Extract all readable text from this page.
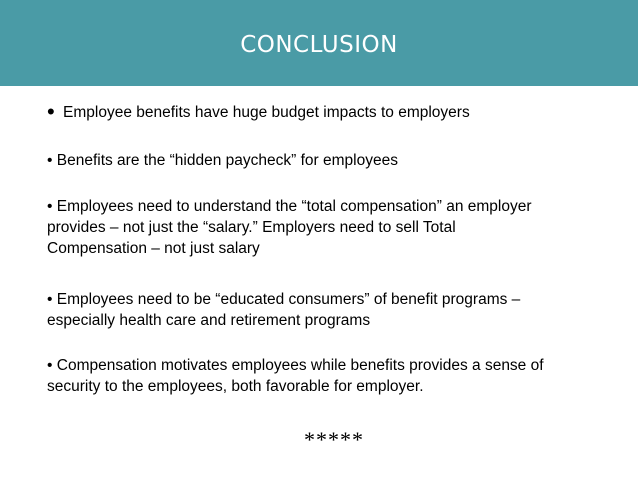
CONCLUSION
• Employee benefits have huge budget impacts to employers
• Benefits are the “hidden paycheck” for employees
• Employees need to understand the “total compensation” an employer
provides – not just the “salary.” Employers need to sell Total
Compensation – not just salary
• Employees need to be “educated consumers” of benefit programs –
especially health care and retirement programs
• Compensation motivates employees while benefits provides a sense of
security to the employees, both favorable for employer.
*****
